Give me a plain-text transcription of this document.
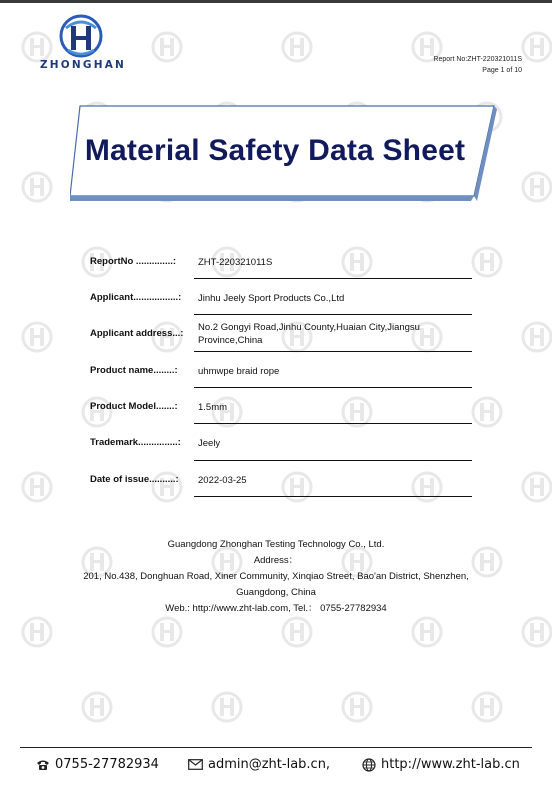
ZHONGHAN	Report No:ZHT-220321011S
Page 1 of 10
Material Safety Data Sheet
ReportNo ..............: ZHT-220321011S
Applicant.................: Jinhu Jeely Sport Products Co.,Ltd
Applicant address...:
No.2 Gongyi Road,Jinhu County,Huaian City,Jiangsu
Province,China
Product name........: uhmwpe braid rope
Product Model.......: 1.5mm
Trademark...............: Jeely
Date of issue..........: 2022-03-25
Guangdong Zhonghan Testing Technology Co., Ltd.
Address：
201, No.438, Donghuan Road, Xiner Community, Xinqiao Street, Bao'an District, Shenzhen,
Guangdong, China
Web.: http://www.zht-lab.com, Tel.： 0755-27782934
0755-27782934	admin@zht-lab.cn,	http://www.zht-lab.cn
